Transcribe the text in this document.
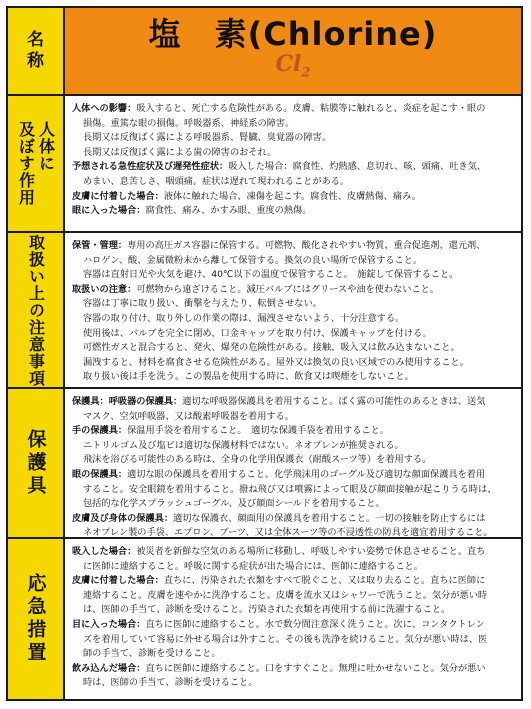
名
称
塩　素(Chlorine)
$Cl_2$
人体に
及ぼす作用

人体への影響：吸入すると、死亡する危険性がある。皮膚、粘膜等に触れると、炎症を起こす・眼の

損傷。重篤な眼の損傷。呼吸器系、神経系の障害。

長期又は反復ばく露による呼吸器系、腎臓、臭覚器の障害。

長期又は反復ばく露による歯の障害のおそれ。

予想される急性症状及び遅発性症状：吸入した場合：腐食性、灼熱感、息切れ、咳、頭痛、吐き気、

めまい、息苦しさ、咽頭痛。症状は遅れて現われることがある。

皮膚に付着した場合：液体に触れた場合、凍傷を起こす。腐食性、皮膚熱傷、痛み。

眼に入った場合：腐食性、痛み、かすみ眼、重度の熱傷。

取扱い上の注意事項	保管・管理：専用の高圧ガス容器に保管する。可燃物、酸化されやすい物質、重合促進剤、還元剤、

ハロゲン、酸、金属微粉末から離して保管する。換気の良い場所で保管すること。

容器は直射日光や火気を避け、40℃以下の温度で保管すること。　施錠して保管すること。

取扱いの注意：可燃物から遠ざけること。減圧バルブにはグリースや油を使わないこと。

容器は丁寧に取り扱い、衝撃を与えたり、転倒させない。

容器の取り付け、取り外しの作業の際は、漏洩させないよう、十分注意する。

使用後は、バルブを完全に閉め、口金キャップを取り付け、保護キャップを付ける。

可燃性ガスと混合すると、発火、爆発の危険性がある。接触、吸入又は飲み込まないこと。

漏洩すると、材料を腐食させる危険性がある。屋外又は換気の良い区域でのみ使用すること。

取り扱い後は手を洗う。この製品を使用する時に、飲食又は喫煙をしないこと。

保護具

保護具：呼吸器の保護具：適切な呼吸器保護具を着用すること。ばく露の可能性のあるときは、送気

マスク、空気呼吸器、又は酸素呼吸器を着用する。

手の保護具：保温用手袋を着用すること。　適切な保護手袋を着用すること。

ニトリルゴム及び塩ビは適切な保護材料ではない。ネオプレンが推奨される。

飛沫を浴びる可能性のある時は、全身の化学用保護衣（耐酸スーツ等）を着用する。

眼の保護具：適切な眼の保護具を着用すること。化学飛沫用のゴーグル及び適切な顔面保護具を着用

すること。安全眼鏡を着用すること。撥ね飛び又は噴霧によって眼及び顔面接触が起こりうる時は、

包括的な化学スプラッシュゴーグル、及び顔面シールドを着用すること。

皮膚及び身体の保護具：適切な保護衣、顔面用の保護具を着用すること。一切の接触を防止するには

ネオプレン製の手袋、エプロン、ブーツ、又は全体スーツ等の不浸透性の防具を適宜着用すること。

応急措置

吸入した場合：被災者を新鮮な空気のある場所に移動し、呼吸しやすい姿勢で休息させること。直ち

に医師に連絡すること。呼吸に関する症状が出た場合には、医師に連絡すること。

皮膚に付着した場合：直ちに、汚染された衣類をすべて脱ぐこと、又は取り去ること。直ちに医師に

連絡すること。皮膚を速やかに洗浄すること。皮膚を流水又はシャワーで洗うこと。気分が悪い時

は、医師の手当て、診断を受けること。汚染された衣類を再使用する前に洗濯すること。

目に入った場合：直ちに医師に連絡すること。水で数分間注意深く洗うこと。次に、コンタクトレン

ズを着用していて容易に外せる場合は外すこと。その後も洗浄を続けること。気分が悪い時は、医

師の手当て、診断を受けること。

飲み込んだ場合：直ちに医師に連絡すること。口をすすぐこと。無理に吐かせないこと。気分が悪い

時は、医師の手当て、診断を受けること。
